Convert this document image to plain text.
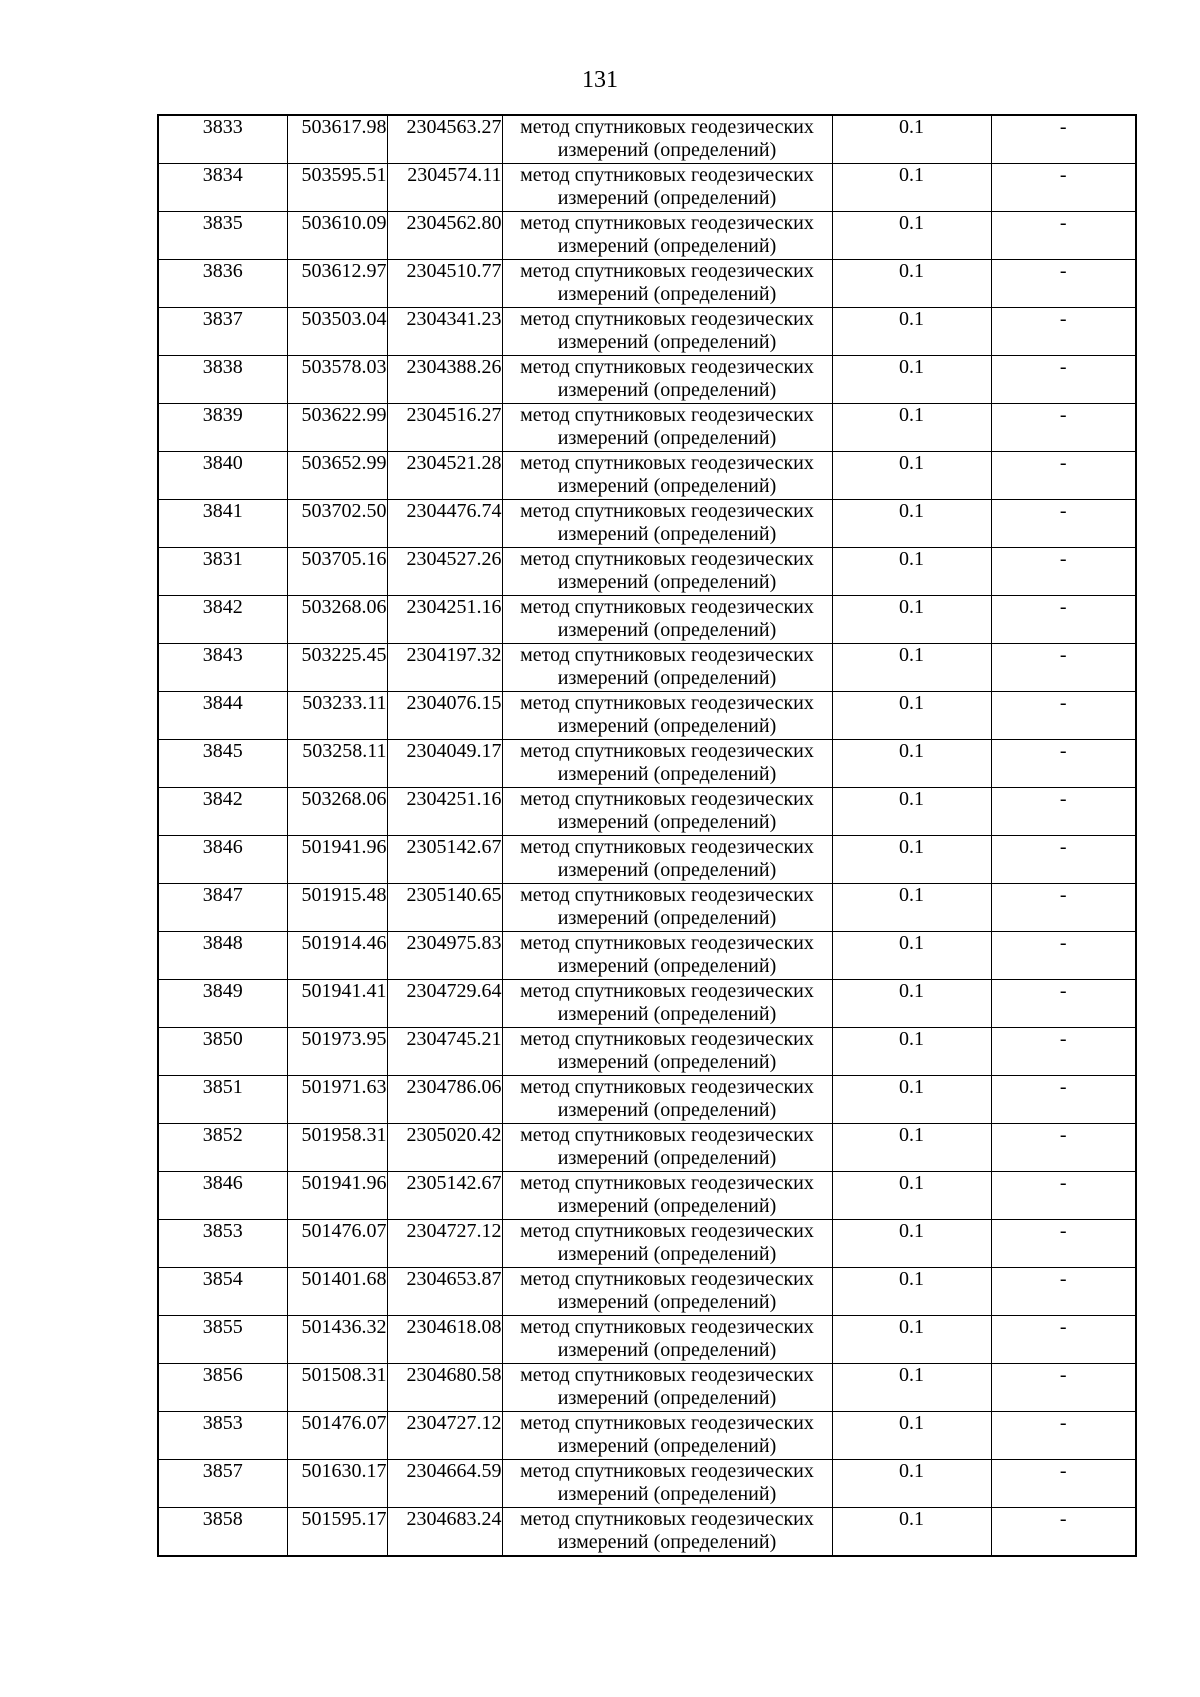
131
3833	503617.98	2304563.27	метод спутниковых геодезических
измерений (определений)	0.1	-
3834	503595.51	2304574.11	метод спутниковых геодезических
измерений (определений)	0.1	-
3835	503610.09	2304562.80	метод спутниковых геодезических
измерений (определений)	0.1	-
3836	503612.97	2304510.77	метод спутниковых геодезических
измерений (определений)	0.1	-
3837	503503.04	2304341.23	метод спутниковых геодезических
измерений (определений)	0.1	-
3838	503578.03	2304388.26	метод спутниковых геодезических
измерений (определений)	0.1	-
3839	503622.99	2304516.27	метод спутниковых геодезических
измерений (определений)	0.1	-
3840	503652.99	2304521.28	метод спутниковых геодезических
измерений (определений)	0.1	-
3841	503702.50	2304476.74	метод спутниковых геодезических
измерений (определений)	0.1	-
3831	503705.16	2304527.26	метод спутниковых геодезических
измерений (определений)	0.1	-
3842	503268.06	2304251.16	метод спутниковых геодезических
измерений (определений)	0.1	-
3843	503225.45	2304197.32	метод спутниковых геодезических
измерений (определений)	0.1	-
3844	503233.11	2304076.15	метод спутниковых геодезических
измерений (определений)	0.1	-
3845	503258.11	2304049.17	метод спутниковых геодезических
измерений (определений)	0.1	-
3842	503268.06	2304251.16	метод спутниковых геодезических
измерений (определений)	0.1	-
3846	501941.96	2305142.67	метод спутниковых геодезических
измерений (определений)	0.1	-
3847	501915.48	2305140.65	метод спутниковых геодезических
измерений (определений)	0.1	-
3848	501914.46	2304975.83	метод спутниковых геодезических
измерений (определений)	0.1	-
3849	501941.41	2304729.64	метод спутниковых геодезических
измерений (определений)	0.1	-
3850	501973.95	2304745.21	метод спутниковых геодезических
измерений (определений)	0.1	-
3851	501971.63	2304786.06	метод спутниковых геодезических
измерений (определений)	0.1	-
3852	501958.31	2305020.42	метод спутниковых геодезических
измерений (определений)	0.1	-
3846	501941.96	2305142.67	метод спутниковых геодезических
измерений (определений)	0.1	-
3853	501476.07	2304727.12	метод спутниковых геодезических
измерений (определений)	0.1	-
3854	501401.68	2304653.87	метод спутниковых геодезических
измерений (определений)	0.1	-
3855	501436.32	2304618.08	метод спутниковых геодезических
измерений (определений)	0.1	-
3856	501508.31	2304680.58	метод спутниковых геодезических
измерений (определений)	0.1	-
3853	501476.07	2304727.12	метод спутниковых геодезических
измерений (определений)	0.1	-
3857	501630.17	2304664.59	метод спутниковых геодезических
измерений (определений)	0.1	-
3858	501595.17	2304683.24	метод спутниковых геодезических
измерений (определений)	0.1	-
